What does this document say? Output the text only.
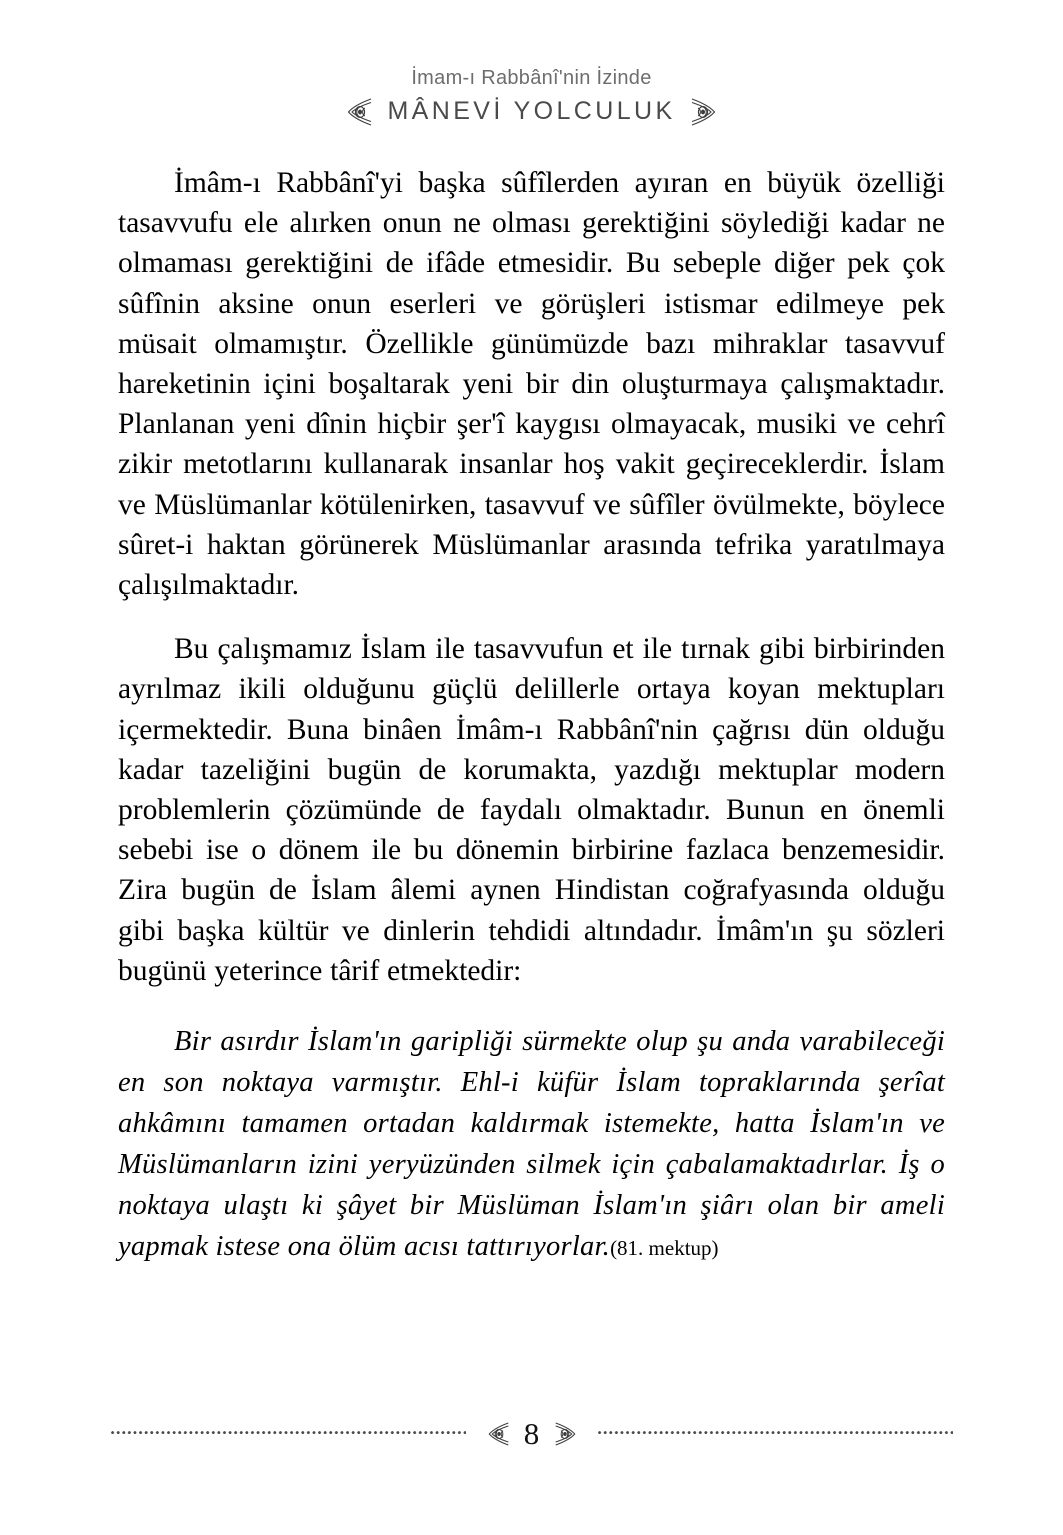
İmam-ı Rabbânî'nin İzinde
MÂNEVİ YOLCULUK

İmâm-ı Rabbânî'yi başka sûfîlerden ayıran en büyük özelliği tasavvufu ele alırken onun ne olması gerektiğini söylediği kadar ne olmaması gerektiğini de ifâde etmesidir. Bu sebeple diğer pek çok sûfînin aksine onun eserleri ve görüşleri istismar edilmeye pek müsait olmamıştır. Özellikle günümüzde bazı mihraklar tasavvuf hareketinin içini boşaltarak yeni bir din oluşturmaya çalışmaktadır. Planlanan yeni dînin hiçbir şer'î kaygısı olmayacak, musiki ve cehrî zikir metotlarını kullanarak insanlar hoş vakit geçireceklerdir. İslam ve Müslümanlar kötülenirken, tasavvuf ve sûfîler övülmekte, böylece sûret-i haktan görünerek Müslümanlar arasında tefrika yaratılmaya çalışılmaktadır.

Bu çalışmamız İslam ile tasavvufun et ile tırnak gibi birbirinden ayrılmaz ikili olduğunu güçlü delillerle ortaya koyan mektupları içermektedir. Buna binâen İmâm-ı Rabbânî'nin çağrısı dün olduğu kadar tazeliğini bugün de korumakta, yazdığı mektuplar modern problemlerin çözümünde de faydalı olmaktadır. Bunun en önemli sebebi ise o dönem ile bu dönemin birbirine fazlaca benzemesidir. Zira bugün de İslam âlemi aynen Hindistan coğrafyasında olduğu gibi başka kültür ve dinlerin tehdidi altındadır. İmâm'ın şu sözleri bugünü yeterince târif etmektedir:

Bir asırdır İslam'ın garipliği sürmekte olup şu anda varabileceği en son noktaya varmıştır. Ehl-i küfür İslam topraklarında şerîat ahkâmını tamamen ortadan kaldırmak istemekte, hatta İslam'ın ve Müslümanların izini yeryüzünden silmek için çabalamaktadırlar. İş o noktaya ulaştı ki şâyet bir Müslüman İslam'ın şiârı olan bir ameli yapmak istese ona ölüm acısı tattırıyorlar.(81. mektup)
8
